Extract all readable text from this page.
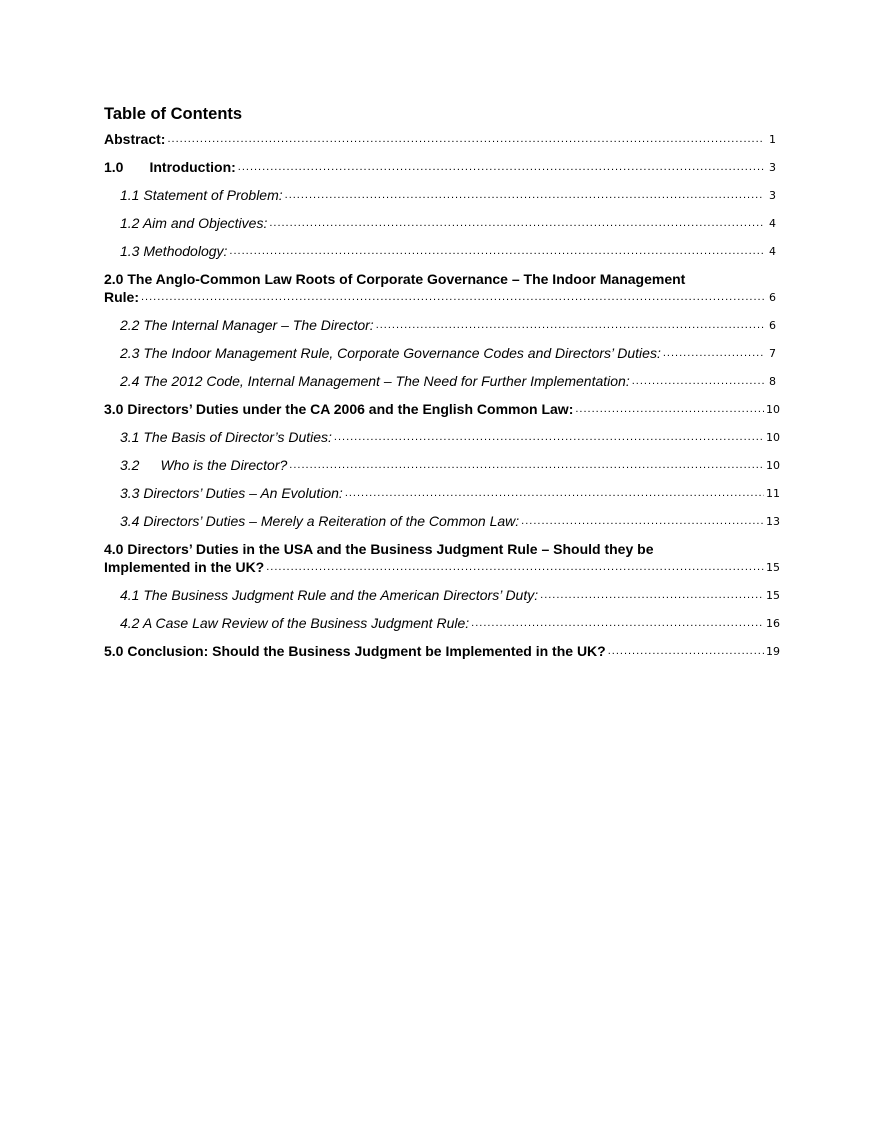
Table of Contents
Abstract: .....	1
1.0 Introduction: .....	3
1.1 Statement of Problem: .....	3
1.2 Aim and Objectives: .....	4
1.3 Methodology: .....	4
2.0 The Anglo-Common Law Roots of Corporate Governance – The Indoor Management
Rule: .....	6
2.2 The Internal Manager – The Director: .....	6
2.3 The Indoor Management Rule, Corporate Governance Codes and Directors’ Duties: .....	7
2.4 The 2012 Code, Internal Management – The Need for Further Implementation: .....	8
3.0 Directors’ Duties under the CA 2006 and the English Common Law: .....	10
3.1 The Basis of Director’s Duties: .....	10
3.2 Who is the Director? .....	10
3.3 Directors’ Duties – An Evolution: .....	11
3.4 Directors’ Duties – Merely a Reiteration of the Common Law: .....	13
4.0 Directors’ Duties in the USA and the Business Judgment Rule – Should they be
Implemented in the UK? .....	15
4.1 The Business Judgment Rule and the American Directors’ Duty: .....	15
4.2 A Case Law Review of the Business Judgment Rule: .....	16
5.0 Conclusion: Should the Business Judgment be Implemented in the UK? .....	19
